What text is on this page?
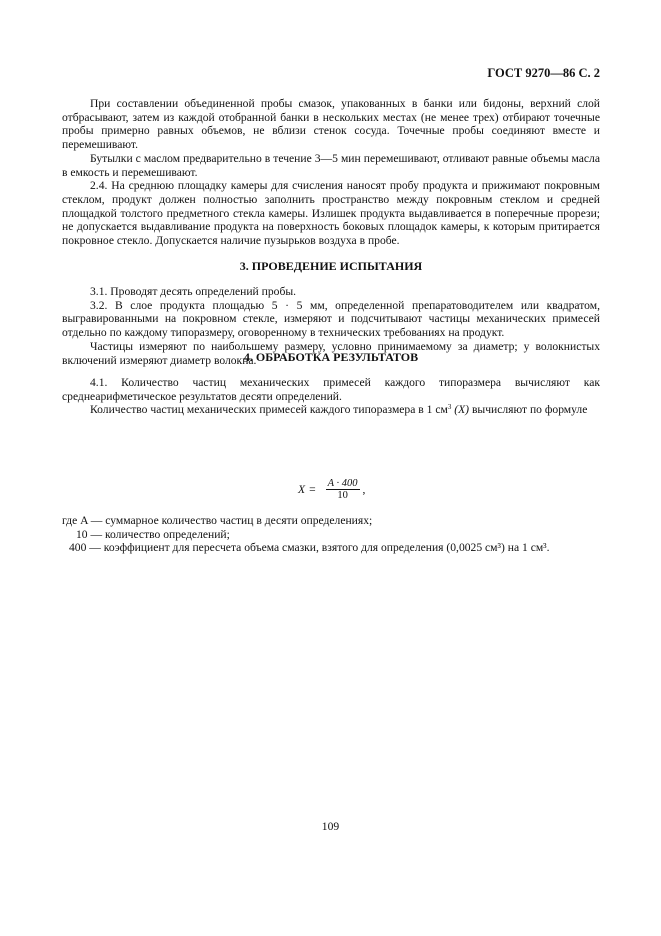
ГОСТ 9270—86 С. 2

При составлении объединенной пробы смазок, упакованных в банки или бидоны, верхний слой отбрасывают, затем из каждой отобранной банки в нескольких местах (не менее трех) отбирают точечные пробы примерно равных объемов, не вблизи стенок сосуда. Точечные пробы соединяют вместе и перемешивают.

Бутылки с маслом предварительно в течение 3—5 мин перемешивают, отливают равные объемы масла в емкость и перемешивают.

2.4. На среднюю площадку камеры для счисления наносят пробу продукта и прижимают покровным стеклом, продукт должен полностью заполнить пространство между покровным стеклом и средней площадкой толстого предметного стекла камеры. Излишек продукта выдавливается в поперечные прорези; не допускается выдавливание продукта на поверхность боковых площадок камеры, к которым притирается покровное стекло. Допускается наличие пузырьков воздуха в пробе.

3. ПРОВЕДЕНИЕ ИСПЫТАНИЯ

3.1. Проводят десять определений пробы.

3.2. В слое продукта площадью 5 · 5 мм, определенной препаратоводителем или квадратом, выгравированными на покровном стекле, измеряют и подсчитывают частицы механических примесей отдельно по каждому типоразмеру, оговоренному в технических требованиях на продукт.

Частицы измеряют по наибольшему размеру, условно принимаемому за диаметр; у волокнистых включений измеряют диаметр волокна.

4. ОБРАБОТКА РЕЗУЛЬТАТОВ

4.1. Количество частиц механических примесей каждого типоразмера вычисляют как среднеарифметическое результатов десяти определений.

Количество частиц механических примесей каждого типоразмера в 1 $см^3$ (X) вычисляют по формуле

$X = \frac{A \cdot 400}{10}$ ,
где A — суммарное количество частиц в десяти определениях;
10 — количество определений;
400 — коэффициент для пересчета объема смазки, взятого для определения (0,0025 см³) на 1 см³.
109
